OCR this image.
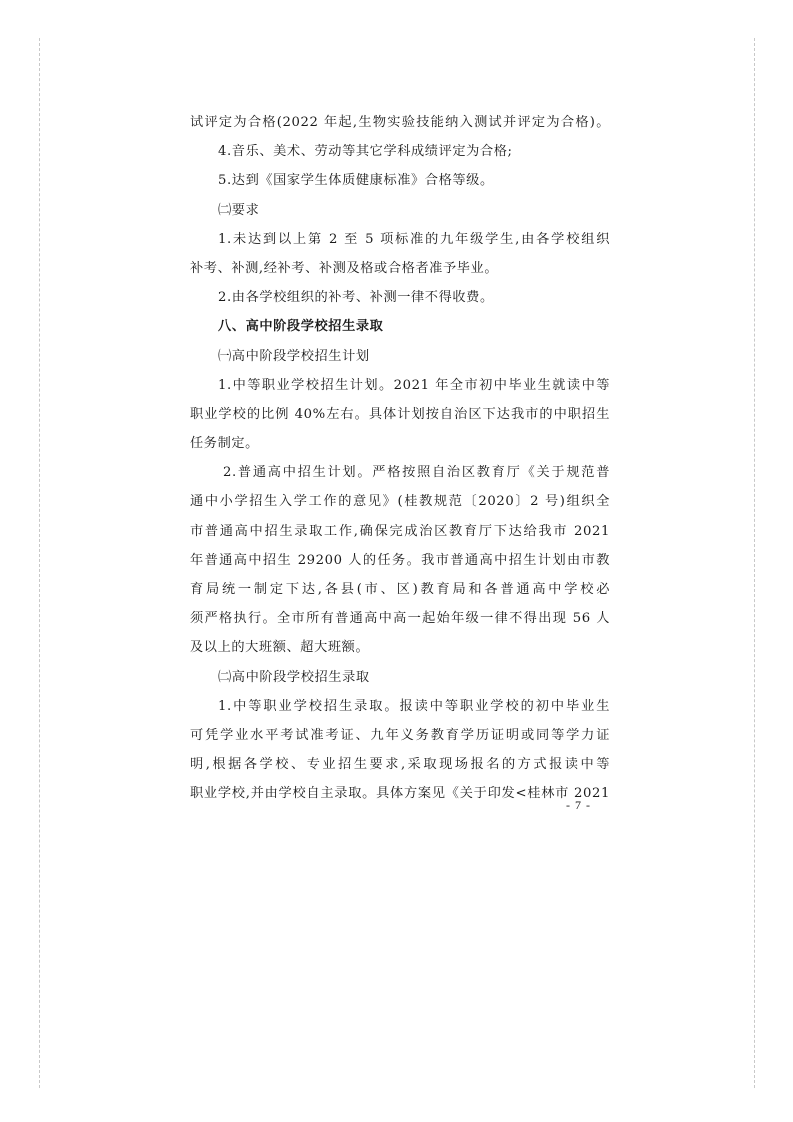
试评定为合格(2022 年起,生物实验技能纳入测试并评定为合格)。
4.音乐、美术、劳动等其它学科成绩评定为合格;
5.达到《国家学生体质健康标准》合格等级。
㈡要求
1.未达到以上第 2 至 5 项标准的九年级学生,由各学校组织
补考、补测,经补考、补测及格或合格者准予毕业。
2.由各学校组织的补考、补测一律不得收费。
八、高中阶段学校招生录取
㈠高中阶段学校招生计划
1.中等职业学校招生计划。2021 年全市初中毕业生就读中等
职业学校的比例 40%左右。具体计划按自治区下达我市的中职招生
任务制定。
2.普通高中招生计划。严格按照自治区教育厅《关于规范普
通中小学招生入学工作的意见》(桂教规范〔2020〕2 号)组织全
市普通高中招生录取工作,确保完成治区教育厅下达给我市 2021
年普通高中招生 29200 人的任务。我市普通高中招生计划由市教
育局统一制定下达,各县(市、区)教育局和各普通高中学校必
须严格执行。全市所有普通高中高一起始年级一律不得出现 56 人
及以上的大班额、超大班额。
㈡高中阶段学校招生录取
1.中等职业学校招生录取。报读中等职业学校的初中毕业生
可凭学业水平考试准考证、九年义务教育学历证明或同等学力证
明,根据各学校、专业招生要求,采取现场报名的方式报读中等
职业学校,并由学校自主录取。具体方案见《关于印发<桂林市 2021
- 7 -
